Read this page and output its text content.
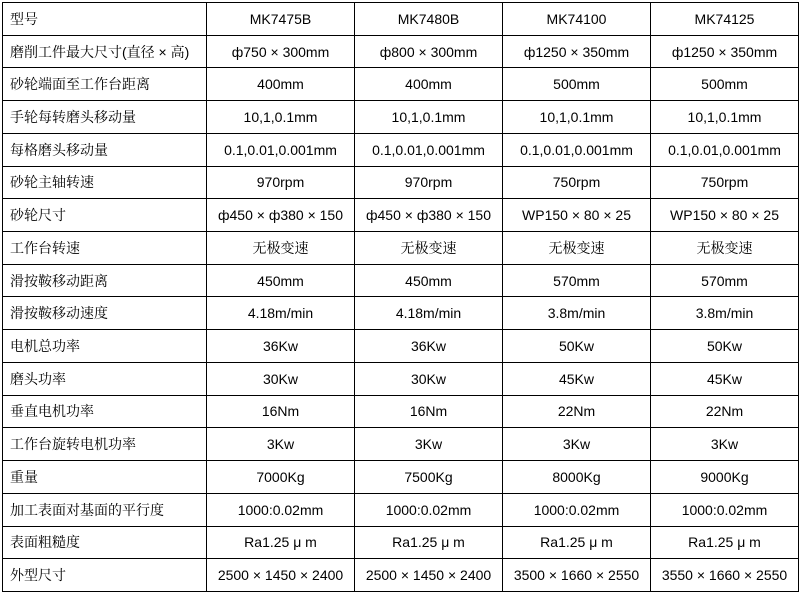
型号	MK7475B	MK7480B	MK74100	MK74125
磨削工件最大尺寸(直径 × 高)	ф750 × 300mm	ф800 × 300mm	ф1250 × 350mm	ф1250 × 350mm
砂轮端面至工作台距离	400mm	400mm	500mm	500mm
手轮每转磨头移动量	10,1,0.1mm	10,1,0.1mm	10,1,0.1mm	10,1,0.1mm
每格磨头移动量	0.1,0.01,0.001mm	0.1,0.01,0.001mm	0.1,0.01,0.001mm	0.1,0.01,0.001mm
砂轮主轴转速	970rpm	970rpm	750rpm	750rpm
砂轮尺寸	ф450 × ф380 × 150	ф450 × ф380 × 150	WP150 × 80 × 25	WP150 × 80 × 25
工作台转速	无极变速	无极变速	无极变速	无极变速
滑按鞍移动距离	450mm	450mm	570mm	570mm
滑按鞍移动速度	4.18m/min	4.18m/min	3.8m/min	3.8m/min
电机总功率	36Kw	36Kw	50Kw	50Kw
磨头功率	30Kw	30Kw	45Kw	45Kw
垂直电机功率	16Nm	16Nm	22Nm	22Nm
工作台旋转电机功率	3Kw	3Kw	3Kw	3Kw
重量	7000Kg	7500Kg	8000Kg	9000Kg
加工表面对基面的平行度	1000:0.02mm	1000:0.02mm	1000:0.02mm	1000:0.02mm
表面粗糙度	Ra1.25 μ m	Ra1.25 μ m	Ra1.25 μ m	Ra1.25 μ m
外型尺寸	2500 × 1450 × 2400	2500 × 1450 × 2400	3500 × 1660 × 2550	3550 × 1660 × 2550
